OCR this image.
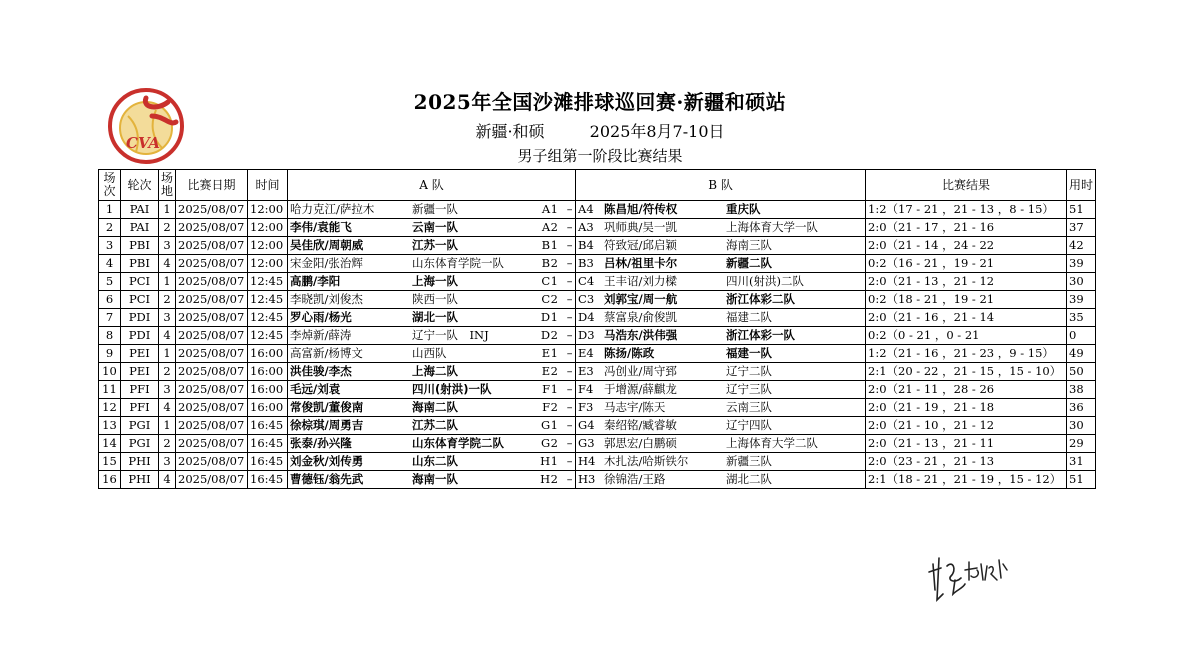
CVA
2025年全国沙滩排球巡回赛·新疆和硕站
新疆·和硕	2025年8月7-10日
男子组第一阶段比赛结果
场次	轮次	场地	比赛日期	时间	A 队	B 队	比赛结果	用时
1	PAI	1	2025/08/07	12:00	哈力克江/萨拉木 新疆一队 A1  –	A4 陈昌旭/符传权 重庆队	1:2（17 - 21 ，21 - 13 ，8 - 15）	51
2	PAI	2	2025/08/07	12:00	李伟/袁能飞 云南一队 A2  –	A3 巩师典/吴一凯 上海体育大学一队	2:0（21 - 17 ，21 - 16	37
3	PBI	3	2025/08/07	12:00	吴佳欣/周朝威 江苏一队 B1  –	B4 符致冠/邱启颖 海南三队	2:0（21 - 14 ，24 - 22	42
4	PBI	4	2025/08/07	12:00	宋金阳/张治辉 山东体育学院一队 B2  –	B3 吕林/祖里卡尔 新疆二队	0:2（16 - 21 ，19 - 21	39
5	PCI	1	2025/08/07	12:45	高鹏/李阳 上海一队 C1  –	C4 王丰诏/刘力樑 四川(射洪)二队	2:0（21 - 13 ，21 - 12	30
6	PCI	2	2025/08/07	12:45	李晓凯/刘俊杰 陕西一队 C2  –	C3 刘郭宝/周一航 浙江体彩二队	0:2（18 - 21 ，19 - 21	39
7	PDI	3	2025/08/07	12:45	罗心雨/杨光 湖北一队 D1  –	D4 蔡富泉/俞俊凯 福建二队	2:0（21 - 16 ，21 - 14	35
8	PDI	4	2025/08/07	12:45	李焯新/薛涛 辽宁一队　INJ D2  –	D3 马浩东/洪伟强 浙江体彩一队	0:2（0 - 21 ，0 - 21	0
9	PEI	1	2025/08/07	16:00	高富新/杨博文 山西队 E1  –	E4 陈扬/陈政 福建一队	1:2（21 - 16 ，21 - 23 ，9 - 15）	49
10	PEI	2	2025/08/07	16:00	洪佳骏/李杰 上海二队 E2  –	E3 冯创业/周守郅 辽宁二队	2:1（20 - 22 ，21 - 15 ，15 - 10）	50
11	PFI	3	2025/08/07	16:00	毛远/刘袁 四川(射洪)一队 F1  –	F4 于增源/薛麒龙 辽宁三队	2:0（21 - 11 ，28 - 26	38
12	PFI	4	2025/08/07	16:00	常俊凯/董俊南 海南二队 F2  –	F3 马志宇/陈天 云南三队	2:0（21 - 19 ，21 - 18	36
13	PGI	1	2025/08/07	16:45	徐棕琪/周勇吉 江苏二队 G1  –	G4 秦绍铭/臧睿敏 辽宁四队	2:0（21 - 10 ，21 - 12	30
14	PGI	2	2025/08/07	16:45	张泰/孙兴隆 山东体育学院二队 G2  –	G3 郭思宏/白鹏硕 上海体育大学二队	2:0（21 - 13 ，21 - 11	29
15	PHI	3	2025/08/07	16:45	刘金秋/刘传勇 山东二队 H1  –	H4 木扎法/哈斯铁尔 新疆三队	2:0（23 - 21 ，21 - 13	31
16	PHI	4	2025/08/07	16:45	曹德钰/翁先武 海南一队 H2  –	H3 徐锦浩/王路 湖北二队	2:1（18 - 21 ，21 - 19 ，15 - 12）	51
